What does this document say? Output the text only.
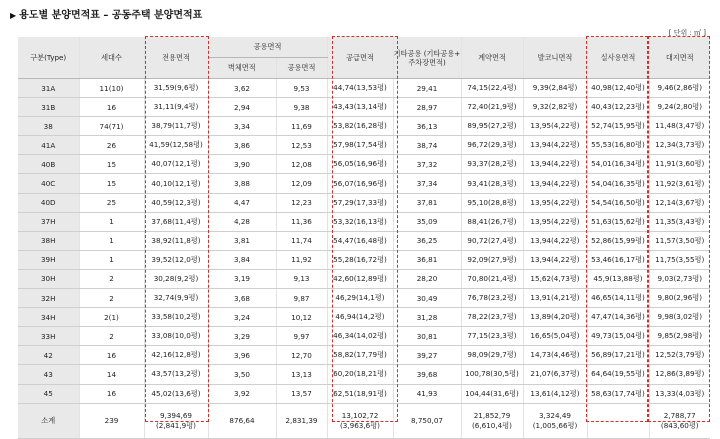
▶ 용도별 분양면적표 – 공동주택 분양면적표
[ 단위 : ㎡ ]
구분(Type)	세대수	전용면적	공용면적		공급면적	기타공용 (기타공용+ 주차장면적)	계약면적	발코니면적	실사용면적	대지면적
			벽체면적	공용면적						
31A	11(10)	31,59(9,6평)	3,62	9,53	44,74(13,53평)	29,41	74,15(22,4평)	9,39(2,84평)	40,98(12,40평)	9,46(2,86평)
31B	16	31,11(9,4평)	2,94	9,38	43,43(13,14평)	28,97	72,40(21,9평)	9,32(2,82평)	40,43(12,23평)	9,24(2,80평)
38	74(71)	38,79(11,7평)	3,34	11,69	53,82(16,28평)	36,13	89,95(27,2평)	13,95(4,22평)	52,74(15,95평)	11,48(3,47평)
41A	26	41,59(12,58평)	3,86	12,53	57,98(17,54평)	38,74	96,72(29,3평)	13,94(4,22평)	55,53(16,80평)	12,34(3,73평)
40B	15	40,07(12,1평)	3,90	12,08	56,05(16,96평)	37,32	93,37(28,2평)	13,94(4,22평)	54,01(16,34평)	11,91(3,60평)
40C	15	40,10(12,1평)	3,88	12,09	56,07(16,96평)	37,34	93,41(28,3평)	13,94(4,22평)	54,04(16,35평)	11,92(3,61평)
40D	25	40,59(12,3평)	4,47	12,23	57,29(17,33평)	37,81	95,10(28,8평)	13,95(4,22평)	54,54(16,50평)	12,14(3,67평)
37H	1	37,68(11,4평)	4,28	11,36	53,32(16,13평)	35,09	88,41(26,7평)	13,95(4,22평)	51,63(15,62평)	11,35(3,43평)
38H	1	38,92(11,8평)	3,81	11,74	54,47(16,48평)	36,25	90,72(27,4평)	13,94(4,22평)	52,86(15,99평)	11,57(3,50평)
39H	1	39,52(12,0평)	3,84	11,92	55,28(16,72평)	36,81	92,09(27,9평)	13,94(4,22평)	53,46(16,17평)	11,75(3,55평)
30H	2	30,28(9,2평)	3,19	9,13	42,60(12,89평)	28,20	70,80(21,4평)	15,62(4,73평)	45,9(13,88평)	9,03(2,73평)
32H	2	32,74(9,9평)	3,68	9,87	46,29(14,1평)	30,49	76,78(23,2평)	13,91(4,21평)	46,65(14,11평)	9,80(2,96평)
34H	2(1)	33,58(10,2평)	3,24	10,12	46,94(14,2평)	31,28	78,22(23,7평)	13,89(4,20평)	47,47(14,36평)	9,98(3,02평)
33H	2	33,08(10,0평)	3,29	9,97	46,34(14,02평)	30,81	77,15(23,3평)	16,65(5,04평)	49,73(15,04평)	9,85(2,98평)
42	16	42,16(12,8평)	3,96	12,70	58,82(17,79평)	39,27	98,09(29,7평)	14,73(4,46평)	56,89(17,21평)	12,52(3,79평)
43	14	43,57(13,2평)	3,50	13,13	60,20(18,21평)	39,68	100,78(30,5평)	21,07(6,37평)	64,64(19,55평)	12,86(3,89평)
45	16	45,02(13,6평)	3,92	13,57	62,51(18,91평)	41,93	104,44(31,6평)	13,61(4,12평)	58,63(17,74평)	13,33(4,03평)
소계	239	9,394,69 (2,841,9평)	876,64	2,831,39	13,102,72 (3,963,6평)	8,750,07	21,852,79 (6,610,4평)	3,324,49 (1,005,66평)		2,788,77 (843,60평)
